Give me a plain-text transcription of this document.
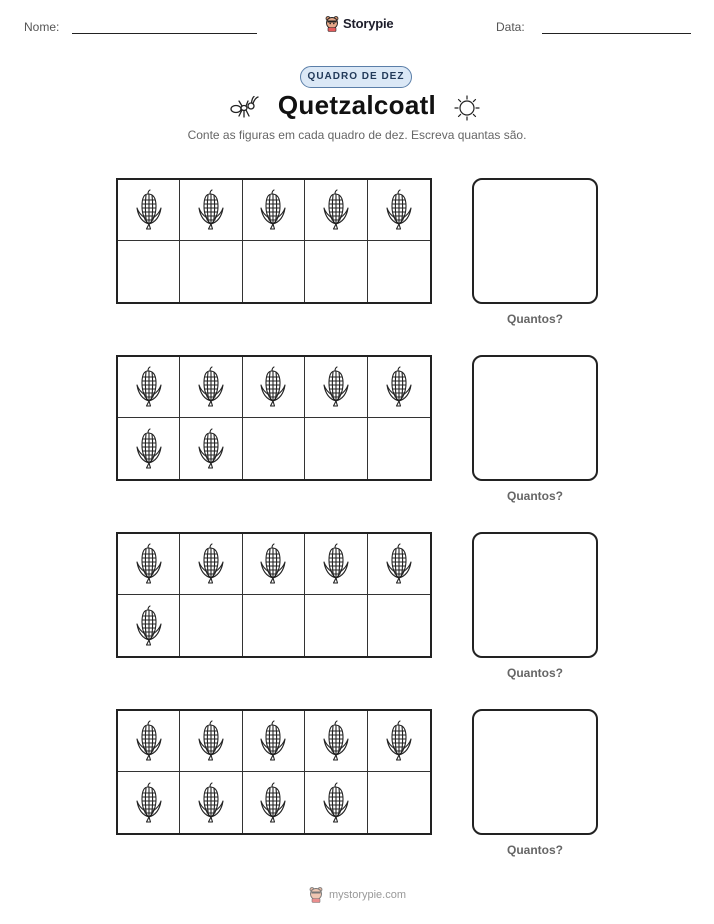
Nome:	Storypie	Data:
QUADRO DE DEZ
Quetzalcoatl
Conte as figuras em cada quadro de dez. Escreva quantas são.
Quantos?
Quantos?
Quantos?
Quantos?
mystorypie.com
